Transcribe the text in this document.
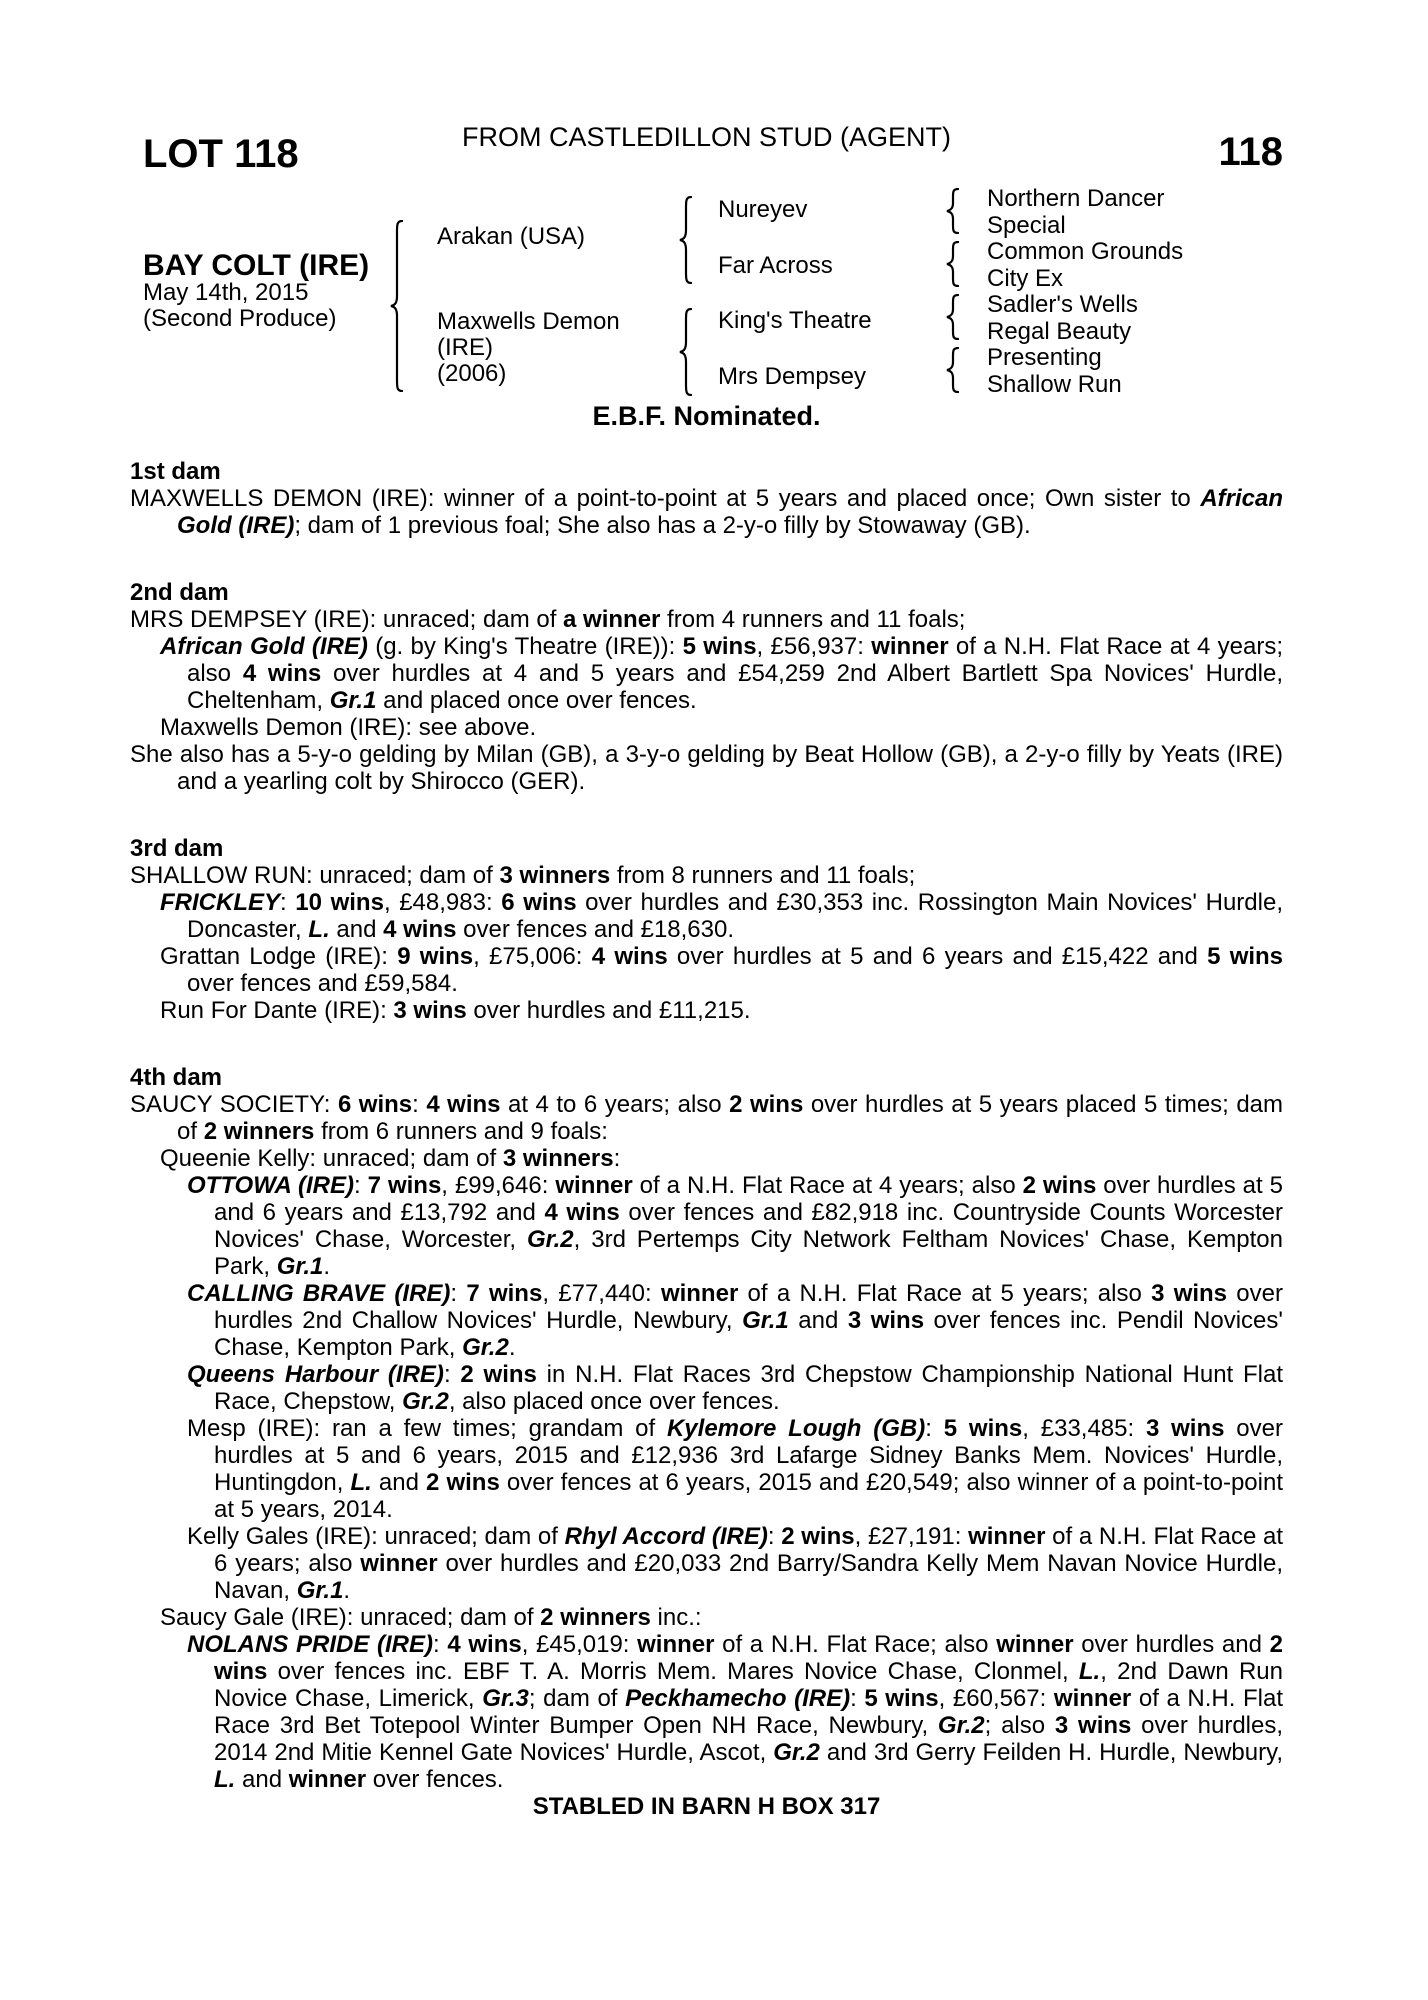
LOT 118	FROM CASTLEDILLON STUD (AGENT)	118
BAY COLT (IRE)
May 14th, 2015
(Second Produce)
Arakan (USA)
Maxwells Demon
(IRE)
(2006)
Nureyev
Far Across
King's Theatre
Mrs Dempsey
Northern Dancer
Special
Common Grounds
City Ex
Sadler's Wells
Regal Beauty
Presenting
Shallow Run
E.B.F. Nominated.
1st dam

MAXWELLS DEMON (IRE): winner of a point-to-point at 5 years and placed once; Own sister to African Gold (IRE); dam of 1 previous foal; She also has a 2-y-o filly by Stowaway (GB).

2nd dam

MRS DEMPSEY (IRE): unraced; dam of a winner from 4 runners and 11 foals;

African Gold (IRE) (g. by King's Theatre (IRE)): 5 wins, £56,937: winner of a N.H. Flat Race at 4 years; also 4 wins over hurdles at 4 and 5 years and £54,259 2nd Albert Bartlett Spa Novices' Hurdle, Cheltenham, Gr.1 and placed once over fences.

Maxwells Demon (IRE): see above.

She also has a 5-y-o gelding by Milan (GB), a 3-y-o gelding by Beat Hollow (GB), a 2-y-o filly by Yeats (IRE) and a yearling colt by Shirocco (GER).

3rd dam

SHALLOW RUN: unraced; dam of 3 winners from 8 runners and 11 foals;

FRICKLEY: 10 wins, £48,983: 6 wins over hurdles and £30,353 inc. Rossington Main Novices' Hurdle, Doncaster, L. and 4 wins over fences and £18,630.

Grattan Lodge (IRE): 9 wins, £75,006: 4 wins over hurdles at 5 and 6 years and £15,422 and 5 wins over fences and £59,584.

Run For Dante (IRE): 3 wins over hurdles and £11,215.

4th dam

SAUCY SOCIETY: 6 wins: 4 wins at 4 to 6 years; also 2 wins over hurdles at 5 years placed 5 times; dam of 2 winners from 6 runners and 9 foals:

Queenie Kelly: unraced; dam of 3 winners:

OTTOWA (IRE): 7 wins, £99,646: winner of a N.H. Flat Race at 4 years; also 2 wins over hurdles at 5 and 6 years and £13,792 and 4 wins over fences and £82,918 inc. Countryside Counts Worcester Novices' Chase, Worcester, Gr.2, 3rd Pertemps City Network Feltham Novices' Chase, Kempton Park, Gr.1.

CALLING BRAVE (IRE): 7 wins, £77,440: winner of a N.H. Flat Race at 5 years; also 3 wins over hurdles 2nd Challow Novices' Hurdle, Newbury, Gr.1 and 3 wins over fences inc. Pendil Novices' Chase, Kempton Park, Gr.2.

Queens Harbour (IRE): 2 wins in N.H. Flat Races 3rd Chepstow Championship National Hunt Flat Race, Chepstow, Gr.2, also placed once over fences.

Mesp (IRE): ran a few times; grandam of Kylemore Lough (GB): 5 wins, £33,485: 3 wins over hurdles at 5 and 6 years, 2015 and £12,936 3rd Lafarge Sidney Banks Mem. Novices' Hurdle, Huntingdon, L. and 2 wins over fences at 6 years, 2015 and £20,549; also winner of a point-to-point at 5 years, 2014.

Kelly Gales (IRE): unraced; dam of Rhyl Accord (IRE): 2 wins, £27,191: winner of a N.H. Flat Race at 6 years; also winner over hurdles and £20,033 2nd Barry/Sandra Kelly Mem Navan Novice Hurdle, Navan, Gr.1.

Saucy Gale (IRE): unraced; dam of 2 winners inc.:

NOLANS PRIDE (IRE): 4 wins, £45,019: winner of a N.H. Flat Race; also winner over hurdles and 2 wins over fences inc. EBF T. A. Morris Mem. Mares Novice Chase, Clonmel, L., 2nd Dawn Run Novice Chase, Limerick, Gr.3; dam of Peckhamecho (IRE): 5 wins, £60,567: winner of a N.H. Flat Race 3rd Bet Totepool Winter Bumper Open NH Race, Newbury, Gr.2; also 3 wins over hurdles, 2014 2nd Mitie Kennel Gate Novices' Hurdle, Ascot, Gr.2 and 3rd Gerry Feilden H. Hurdle, Newbury, L. and winner over fences.

STABLED IN BARN H BOX 317
